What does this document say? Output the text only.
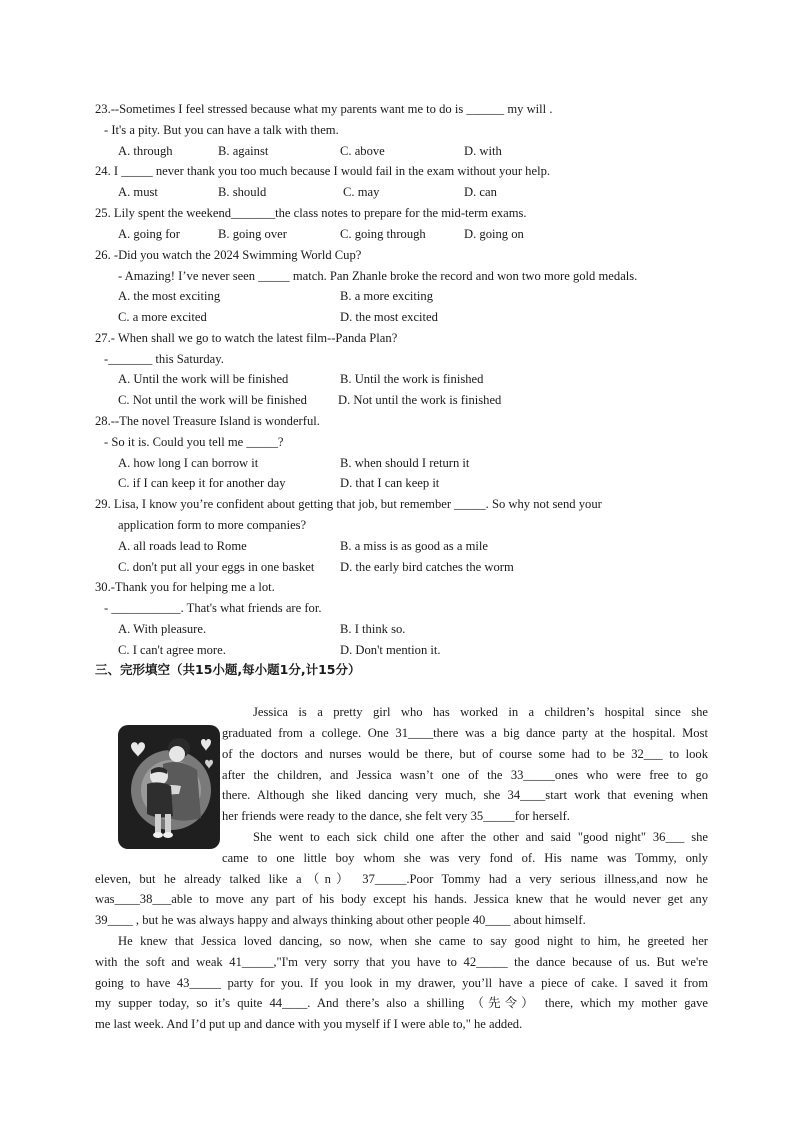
23.--Sometimes I feel stressed because what my parents want me to do is ______ my will .
- It's a pity. But you can have a talk with them.
A. through	B. against	C. above	D. with
24. I _____ never thank you too much because I would fail in the exam without your help.
A. must	B. should	C. may	D. can
25. Lily spent the weekend_______the class notes to prepare for the mid-term exams.
A. going for	B. going over	C. going through	D. going on
26. -Did you watch the 2024 Swimming World Cup?
- Amazing! I’ve never seen _____ match. Pan Zhanle broke the record and won two more gold medals.
A. the most exciting	B. a more exciting
C. a more excited	D. the most excited
27.- When shall we go to watch the latest film--Panda Plan?
-_______ this Saturday.
A. Until the work will be finished	B. Until the work is finished
C. Not until the work will be finished D. Not until the work is finished
28.--The novel Treasure Island is wonderful.
- So it is. Could you tell me _____?
A. how long I can borrow it	B. when should I return it
C. if I can keep it for another day	D. that I can keep it
29. Lisa, I know you’re confident about getting that job, but remember _____. So why not send your
application form to more companies?
A. all roads lead to Rome	B. a miss is as good as a mile
C. don't put all your eggs in one basket D. the early bird catches the worm
30.-Thank you for helping me a lot.
- ___________. That's what friends are for.
A. With pleasure.	B. I think so.
C. I can't agree more.	D. Don't mention it.
三、完形填空（共15小题,每小题1分,计15分）
Jessica is a pretty girl who has worked in a children’s hospital since she
graduated from a college. One 31____there was a big dance party at the hospital. Most
of the doctors and nurses would be there, but of course some had to be 32___ to look
after the children, and Jessica wasn’t one of the 33_____ones who were free to go
there. Although she liked dancing very much, she 34____start work that evening when
her friends were ready to the dance, she felt very 35_____for herself.
She went to each sick child one after the other and said "good night" 36___ she
came to one little boy whom she was very fond of. His name was Tommy, only
eleven, but he already talked like a（n） 37_____.Poor Tommy had a very serious illness,and now he
was____38___able to move any part of his body except his hands. Jessica knew that he would never get any
39____ , but he was always happy and always thinking about other people 40____ about himself.
He knew that Jessica loved dancing, so now, when she came to say good night to him, he greeted her
with the soft and weak 41_____,"I'm very sorry that you have to 42_____ the dance because of us. But we're
going to have 43_____ party for you. If you look in my drawer, you’ll have a piece of cake. I saved it from
my supper today, so it’s quite 44____. And there’s also a shilling （先令） there, which my mother gave
me last week. And I’d put up and dance with you myself if I were able to," he added.
